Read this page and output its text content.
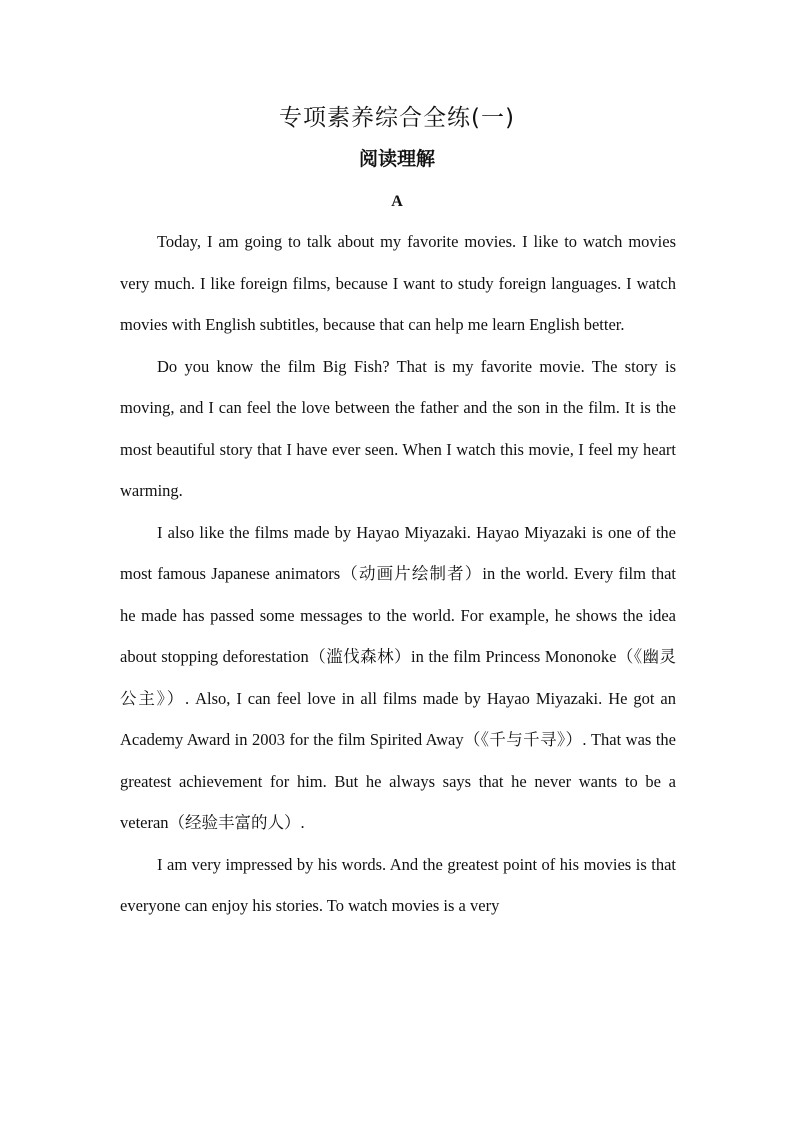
专项素养综合全练(一)
阅读理解
A

Today, I am going to talk about my favorite movies. I like to watch movies very much. I like foreign films, because I want to study foreign languages. I watch movies with English subtitles, because that can help me learn English better.

Do you know the film Big Fish? That is my favorite movie. The story is moving, and I can feel the love between the father and the son in the film. It is the most beautiful story that I have ever seen. When I watch this movie, I feel my heart warming.

I also like the films made by Hayao Miyazaki. Hayao Miyazaki is one of the most famous Japanese animators（动画片绘制者）in the world. Every film that he made has passed some messages to the world. For example, he shows the idea about stopping deforestation（滥伐森林）in the film Princess Mononoke（《幽灵公主》）. Also, I can feel love in all films made by Hayao Miyazaki. He got an Academy Award in 2003 for the film Spirited Away（《千与千寻》）. That was the greatest achievement for him. But he always says that he never wants to be a veteran（经验丰富的人）.

I am very impressed by his words. And the greatest point of his movies is that everyone can enjoy his stories. To watch movies is a very
